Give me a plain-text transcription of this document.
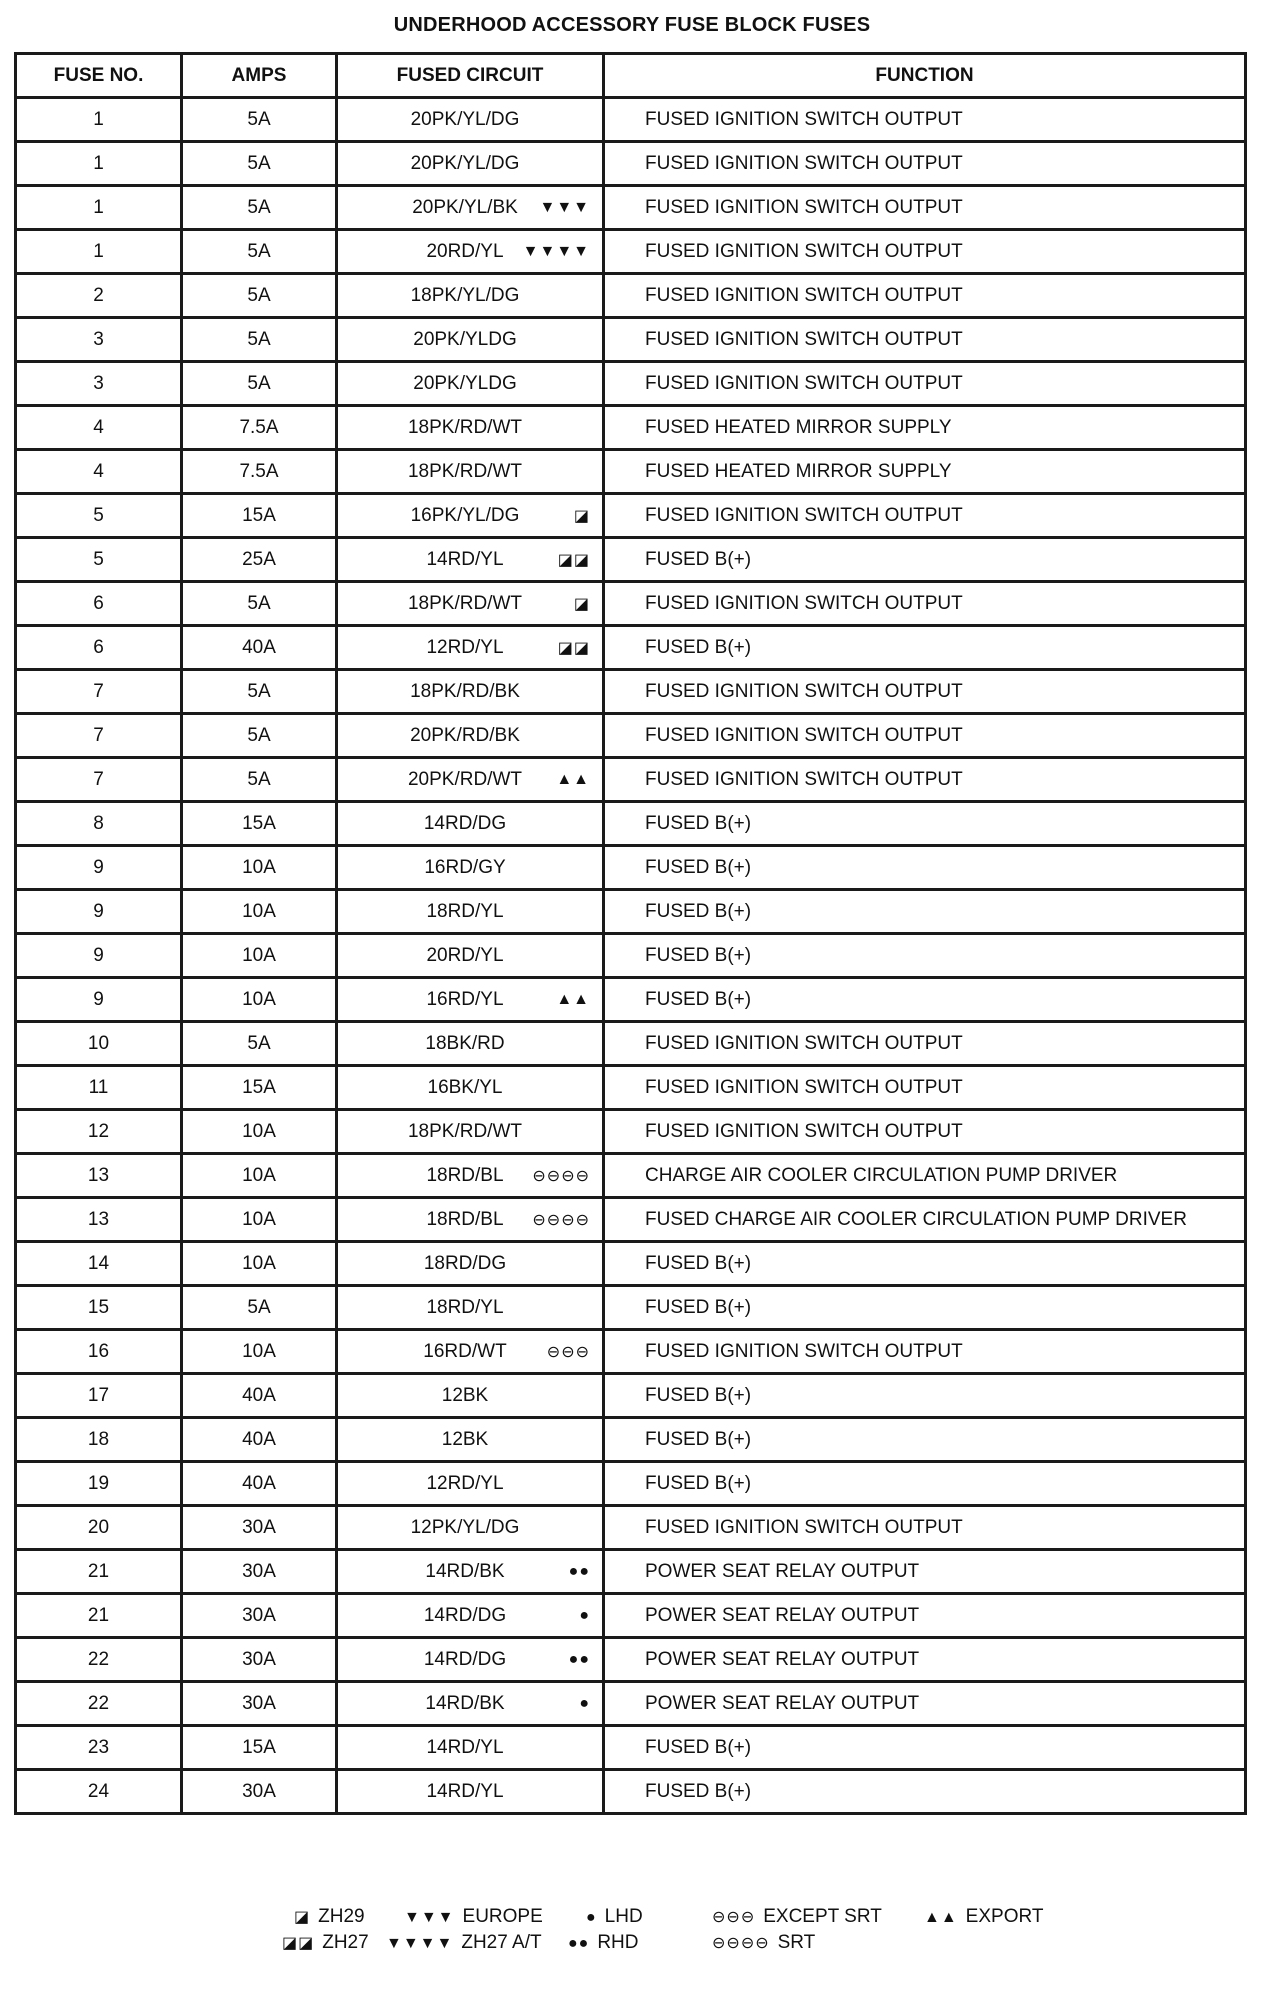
UNDERHOOD ACCESSORY FUSE BLOCK FUSES
FUSE NO.	AMPS	FUSED CIRCUIT	FUNCTION
1	5A	20PK/YL/DG	FUSED IGNITION SWITCH OUTPUT
1	5A	20PK/YL/DG	FUSED IGNITION SWITCH OUTPUT
1	5A	20PK/YL/BK ▼▼▼	FUSED IGNITION SWITCH OUTPUT
1	5A	20RD/YL ▼▼▼▼	FUSED IGNITION SWITCH OUTPUT
2	5A	18PK/YL/DG	FUSED IGNITION SWITCH OUTPUT
3	5A	20PK/YLDG	FUSED IGNITION SWITCH OUTPUT
3	5A	20PK/YLDG	FUSED IGNITION SWITCH OUTPUT
4	7.5A	18PK/RD/WT	FUSED HEATED MIRROR SUPPLY
4	7.5A	18PK/RD/WT	FUSED HEATED MIRROR SUPPLY
5	15A	16PK/YL/DG ◪	FUSED IGNITION SWITCH OUTPUT
5	25A	14RD/YL ◪◪	FUSED B(+)
6	5A	18PK/RD/WT ◪	FUSED IGNITION SWITCH OUTPUT
6	40A	12RD/YL ◪◪	FUSED B(+)
7	5A	18PK/RD/BK	FUSED IGNITION SWITCH OUTPUT
7	5A	20PK/RD/BK	FUSED IGNITION SWITCH OUTPUT
7	5A	20PK/RD/WT ▲▲	FUSED IGNITION SWITCH OUTPUT
8	15A	14RD/DG	FUSED B(+)
9	10A	16RD/GY	FUSED B(+)
9	10A	18RD/YL	FUSED B(+)
9	10A	20RD/YL	FUSED B(+)
9	10A	16RD/YL ▲▲	FUSED B(+)
10	5A	18BK/RD	FUSED IGNITION SWITCH OUTPUT
11	15A	16BK/YL	FUSED IGNITION SWITCH OUTPUT
12	10A	18PK/RD/WT	FUSED IGNITION SWITCH OUTPUT
13	10A	18RD/BL ⊖⊖⊖⊖	CHARGE AIR COOLER CIRCULATION PUMP DRIVER
13	10A	18RD/BL ⊖⊖⊖⊖	FUSED CHARGE AIR COOLER CIRCULATION PUMP DRIVER
14	10A	18RD/DG	FUSED B(+)
15	5A	18RD/YL	FUSED B(+)
16	10A	16RD/WT ⊖⊖⊖	FUSED IGNITION SWITCH OUTPUT
17	40A	12BK	FUSED B(+)
18	40A	12BK	FUSED B(+)
19	40A	12RD/YL	FUSED B(+)
20	30A	12PK/YL/DG	FUSED IGNITION SWITCH OUTPUT
21	30A	14RD/BK ●●	POWER SEAT RELAY OUTPUT
21	30A	14RD/DG ●	POWER SEAT RELAY OUTPUT
22	30A	14RD/DG ●●	POWER SEAT RELAY OUTPUT
22	30A	14RD/BK ●	POWER SEAT RELAY OUTPUT
23	15A	14RD/YL	FUSED B(+)
24	30A	14RD/YL	FUSED B(+)
◪ ZH29
◪◪ ZH27
▼▼▼ EUROPE
▼▼▼▼ ZH27 A/T
● LHD
●● RHD
⊖⊖⊖ EXCEPT SRT
⊖⊖⊖⊖ SRT
▲▲ EXPORT
